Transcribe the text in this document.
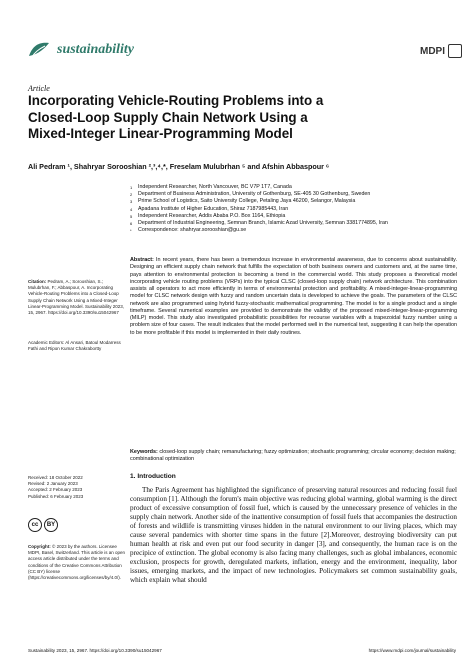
sustainability	MDPI
Article
Incorporating Vehicle-Routing Problems into a
Closed-Loop Supply Chain Network Using a
Mixed-Integer Linear-Programming Model
Ali Pedram ¹, Shahryar Sorooshian ²,³,⁴,*, Freselam Mulubrhan ⁵ and Afshin Abbaspour ⁶
1	Independent Researcher, North Vancouver, BC V7P 1T7, Canada
2	Department of Business Administration, University of Gothenburg, SE-405 30 Gothenburg, Sweden
3	Prime School of Logistics, Saito University College, Petaling Jaya 46200, Selangor, Malaysia
4	Apadana Institute of Higher Education, Shiraz 7187985443, Iran
5	Independent Researcher, Addis Ababa P.O. Box 1164, Ethiopia
6	Department of Industrial Engineering, Semnan Branch, Islamic Azad University, Semnan 3381774895, Iran
*	Correspondence: shahryar.sorooshian@gu.se
Abstract: In recent years, there has been a tremendous increase in environmental awareness, due to concerns about sustainability. Designing an efficient supply chain network that fulfills the expectation of both business owners and customers and, at the same time, pays attention to environmental protection is becoming a trend in the commercial world. This study proposes a theoretical model incorporating vehicle routing problems (VRPs) into the typical CLSC (closed-loop supply chain) network architecture. This combination assists all operators to act more efficiently in terms of environmental protection and profitability. A mixed-integer-linear-programming model for CLSC network design with fuzzy and random uncertain data is developed to achieve the goals. The parameters of the CLSC network are also programmed using hybrid fuzzy-stochastic mathematical programming. The model is for a single product and a single timeframe. Several numerical examples are provided to demonstrate the validity of the proposed mixed-integer-linear-programming (MILP) model. This study also investigated probabilistic possibilities for recourse variables with a trapezoidal fuzzy number using a problem size of four cases. The result indicates that the model performed well in the numerical test, suggesting it can help the operation to be more profitable if this model is implemented in their daily routines.
Keywords: closed-loop supply chain; remanufacturing; fuzzy optimization; stochastic programming; circular economy; decision making; combinational optimization
Citation: Pedram, A.; Sorooshian, S.; Mulubrhan, F.; Abbaspour, A. Incorporating Vehicle-Routing Problems into a Closed-Loop Supply Chain Network Using a Mixed-Integer Linear-Programming Model. Sustainability 2023, 15, 2967. https://doi.org/10.3390/su15042967
Academic Editors: Al Ansari, Batoul Modarress Fathi and Ripon Kumar Chakrabortty
Received: 18 October 2022
Revised: 2 January 2023
Accepted: 2 February 2023
Published: 6 February 2023
cc	BY
Copyright: © 2023 by the authors. Licensee MDPI, Basel, Switzerland. This article is an open access article distributed under the terms and conditions of the Creative Commons Attribution (CC BY) license (https://creativecommons.org/licenses/by/4.0/).
1. Introduction

The Paris Agreement has highlighted the significance of preserving natural resources and reducing fossil fuel consumption [1]. Although the forum's main objective was reducing global warming, global warming is the direct product of excessive consumption of fossil fuel, which is caused by the unnecessary presence of vehicles in the supply chain network. Another side of the inattentive consumption of fossil fuels that accompanies the destruction of forests and wildlife is transmitting viruses hidden in the natural environment to our living places, which may cause several pandemics with shorter time spans in the future [2].Moreover, destroying biodiversity can put human health at risk and even put our food security in danger [3], and consequently, the human race is on the precipice of extinction. The global economy is also facing many challenges, such as global imbalances, economic exclusion, prospects for growth, deregulated markets, inflation, energy and the environment, inequality, labor issues, emerging markets, and the impact of new technologies. Policymakers set common sustainability goals, which explain what should

Sustainability 2023, 15, 2967. https://doi.org/10.3390/su15042967	https://www.mdpi.com/journal/sustainability
